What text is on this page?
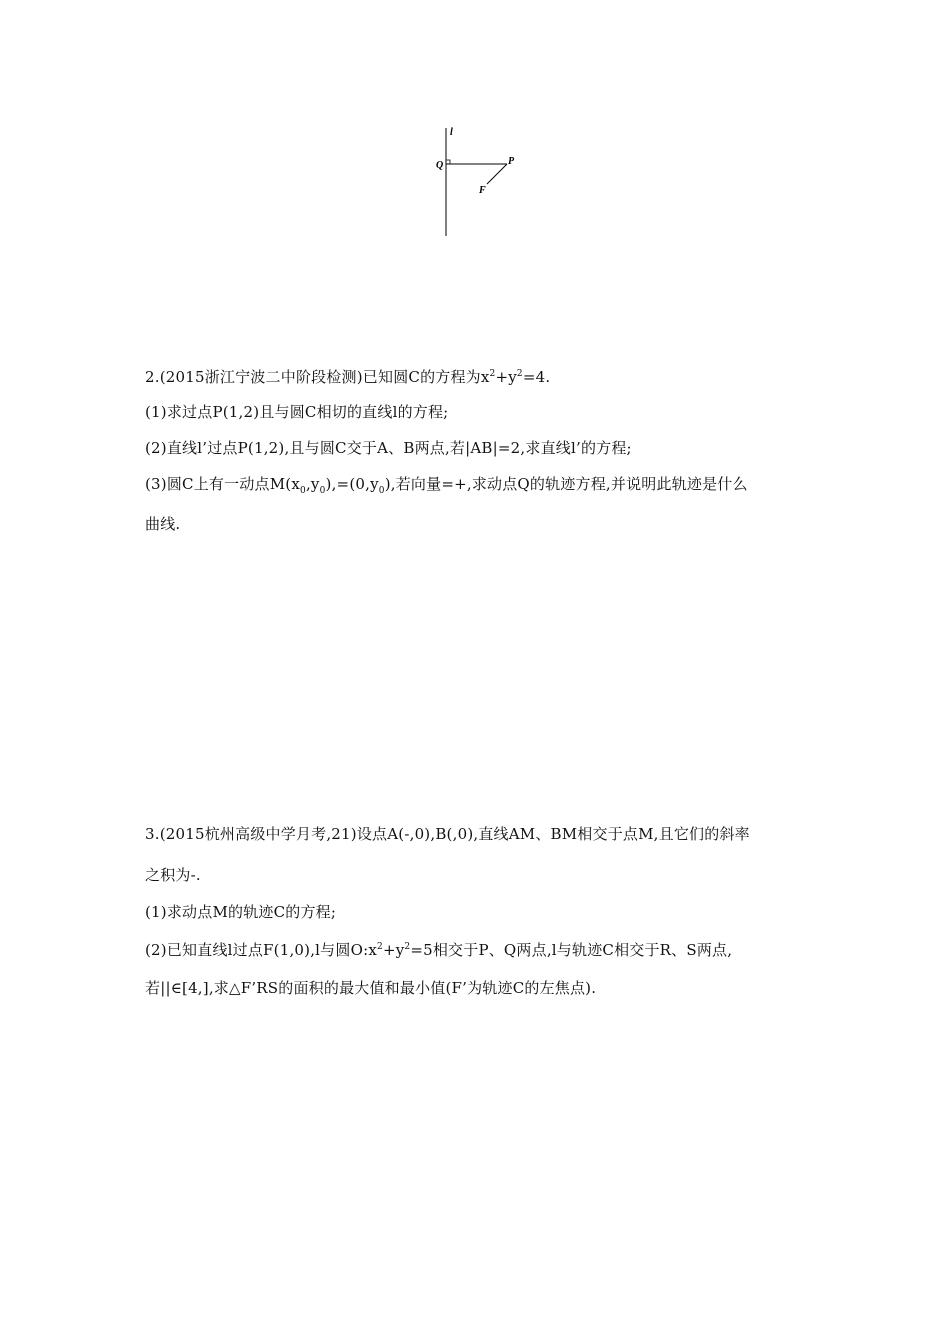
l
Q	P
F
2.(2015浙江宁波二中阶段检测)已知圆C的方程为$x^2+y^2=4$.
(1)求过点P(1,2)且与圆C相切的直线l的方程;
(2)直线l’过点P(1,2),且与圆C交于A、B两点,若|AB|=2,求直线l’的方程;
(3)圆C上有一动点$M(x_0,y_0),=(0,y_0)$,若向量=+,求动点Q的轨迹方程,并说明此轨迹是什么
曲线.
3.(2015杭州高级中学月考,21)设点A(-,0),B(,0),直线AM、BM相交于点M,且它们的斜率
之积为-.
(1)求动点M的轨迹C的方程;
(2)已知直线l过点F(1,0),l与圆$O:x^2+y^2=5$相交于P、Q两点,l与轨迹C相交于R、S两点,
若||∈[4,],求△F’RS的面积的最大值和最小值(F’为轨迹C的左焦点).
